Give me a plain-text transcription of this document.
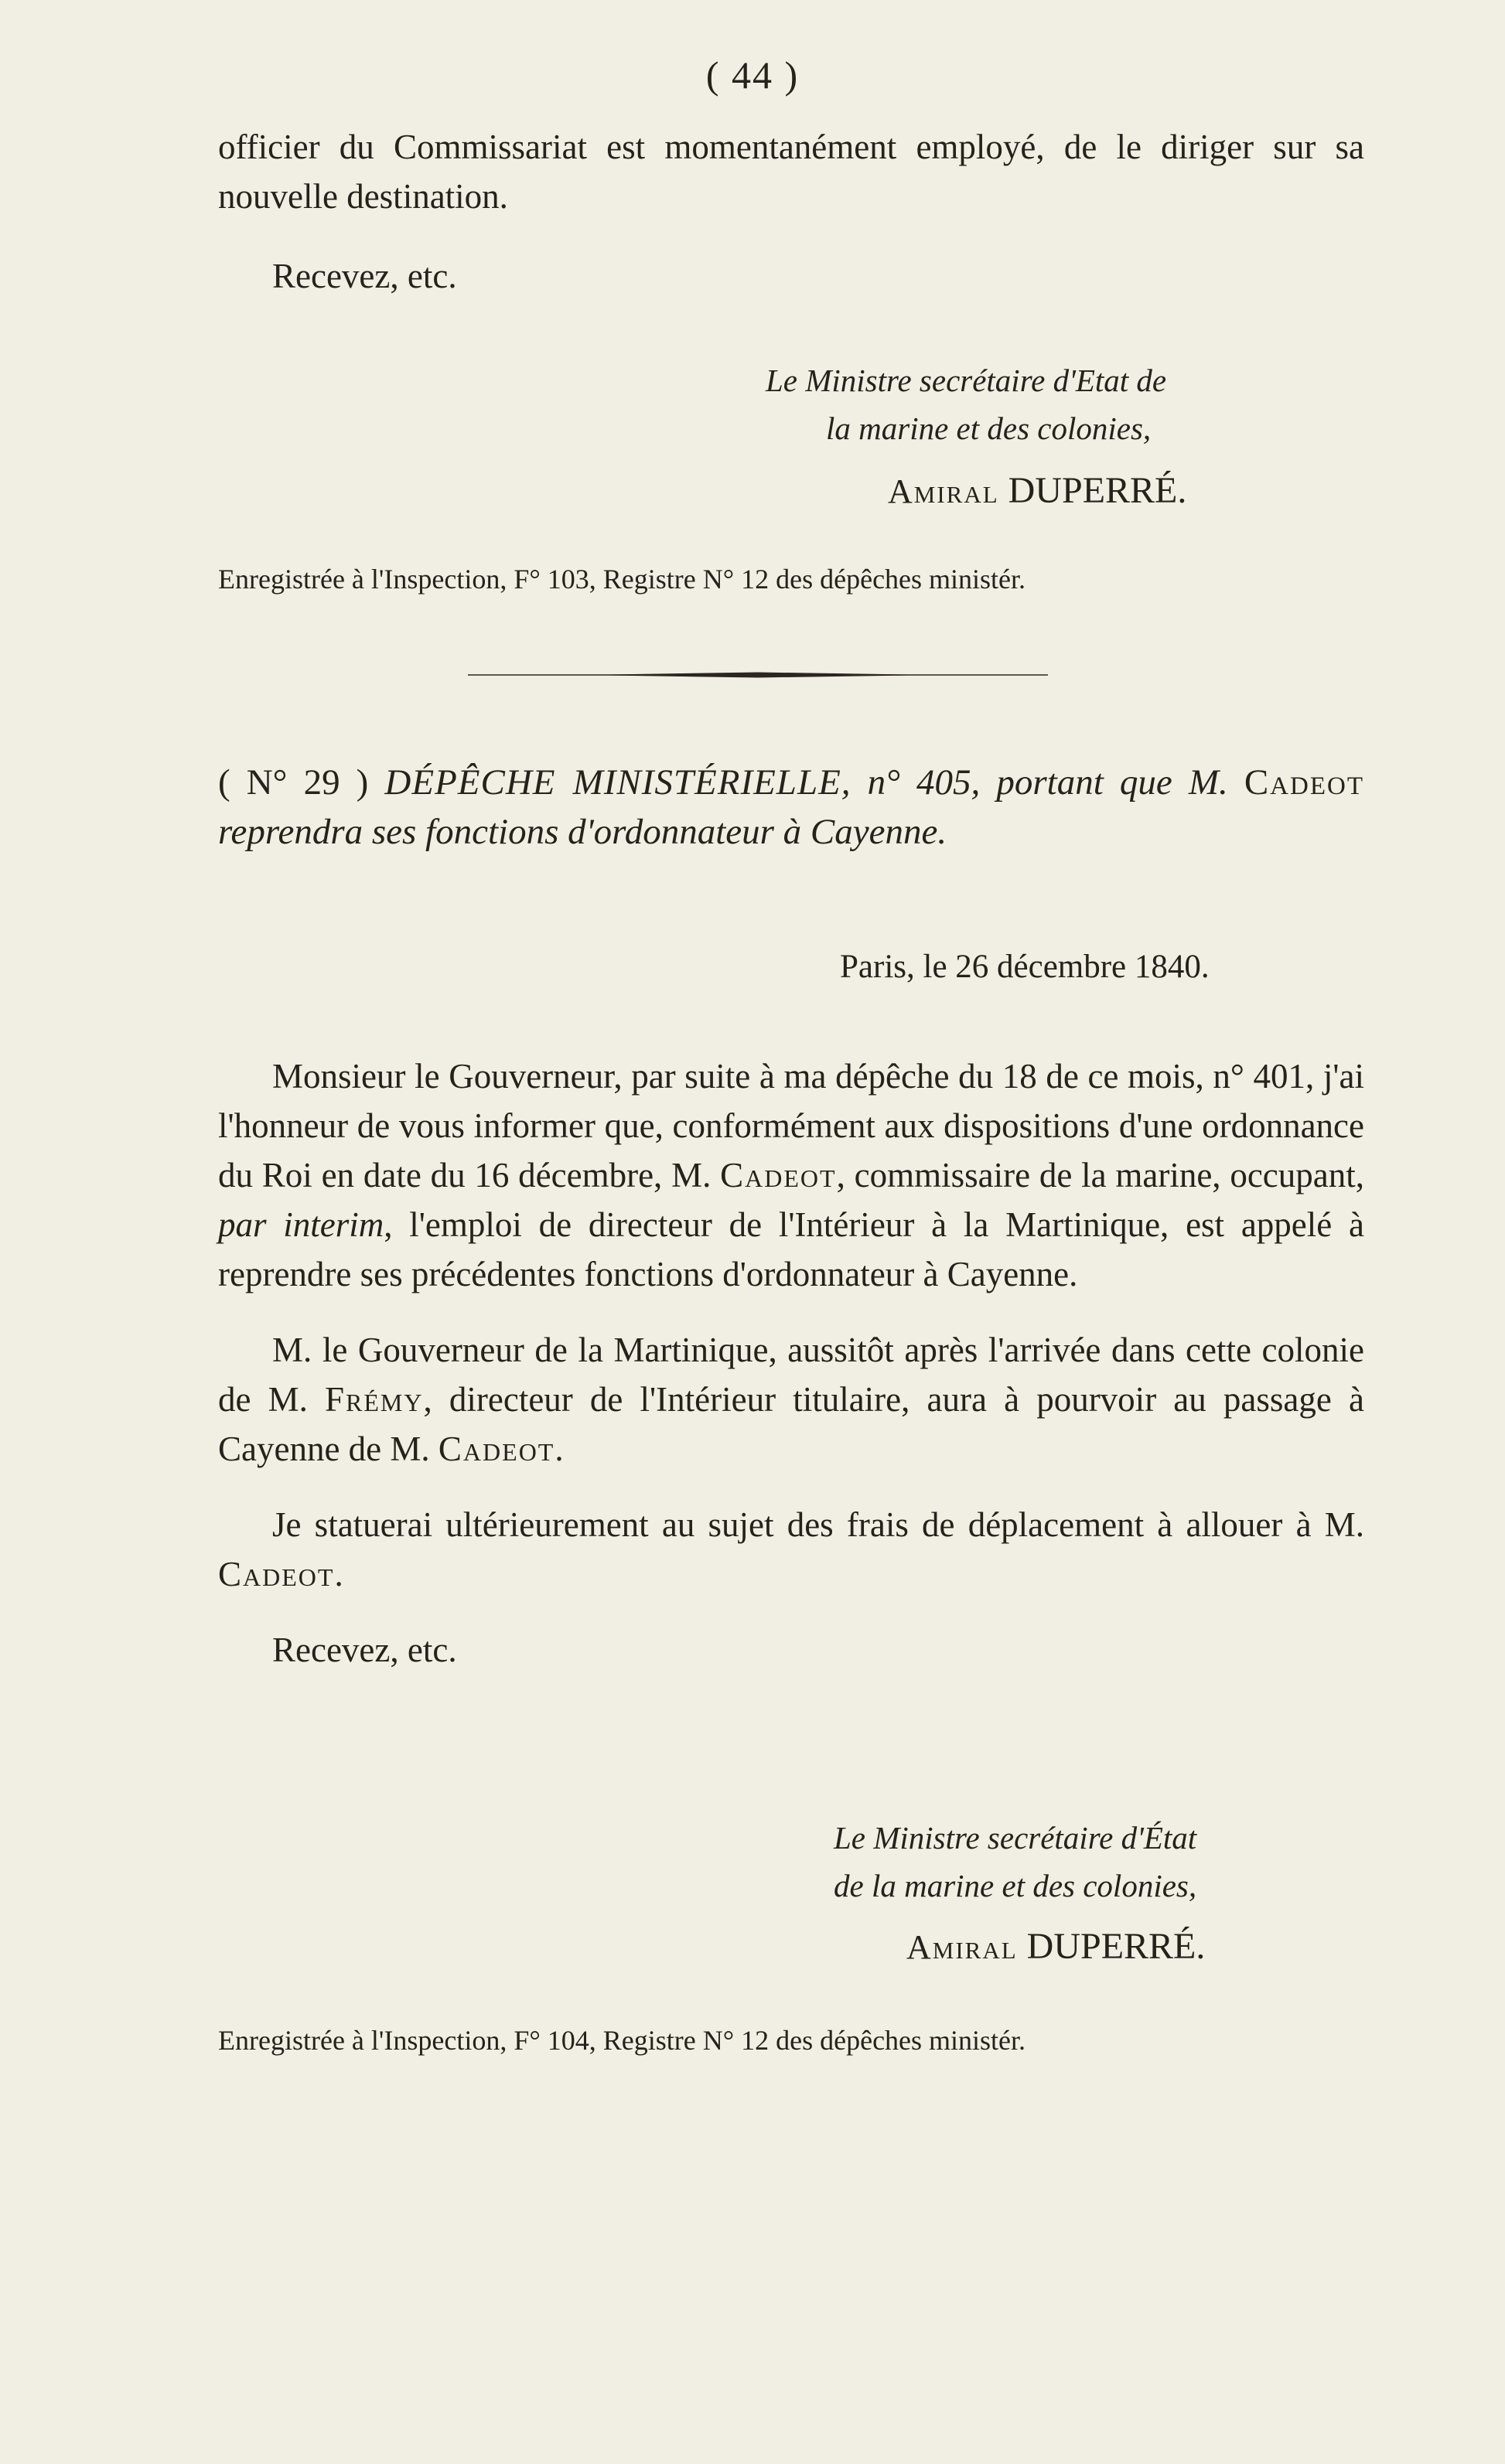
( 44 )

officier du Commissariat est momentanément employé, de le diriger sur sa nouvelle destination.

Recevez, etc.

Le Ministre secrétaire d'Etat de
la marine et des colonies,
Amiral DUPERRÉ.
Enregistrée à l'Inspection, F° 103, Registre N° 12 des dépêches ministér.

( N° 29 ) DÉPÊCHE MINISTÉRIELLE, n° 405, portant que M. Cadeot reprendra ses fonctions d'ordonnateur à Cayenne.

Paris, le 26 décembre 1840.

Monsieur le Gouverneur, par suite à ma dépêche du 18 de ce mois, n° 401, j'ai l'honneur de vous informer que, conformément aux dispositions d'une ordonnance du Roi en date du 16 décembre, M. Cadeot, commissaire de la marine, occupant, par interim, l'emploi de directeur de l'Intérieur à la Martinique, est appelé à reprendre ses précédentes fonctions d'ordonnateur à Cayenne.

M. le Gouverneur de la Martinique, aussitôt après l'arrivée dans cette colonie de M. Frémy, directeur de l'Intérieur titulaire, aura à pourvoir au passage à Cayenne de M. Cadeot.

Je statuerai ultérieurement au sujet des frais de déplacement à allouer à M. Cadeot.

Recevez, etc.

Le Ministre secrétaire d'État
de la marine et des colonies,
Amiral DUPERRÉ.
Enregistrée à l'Inspection, F° 104, Registre N° 12 des dépêches ministér.
